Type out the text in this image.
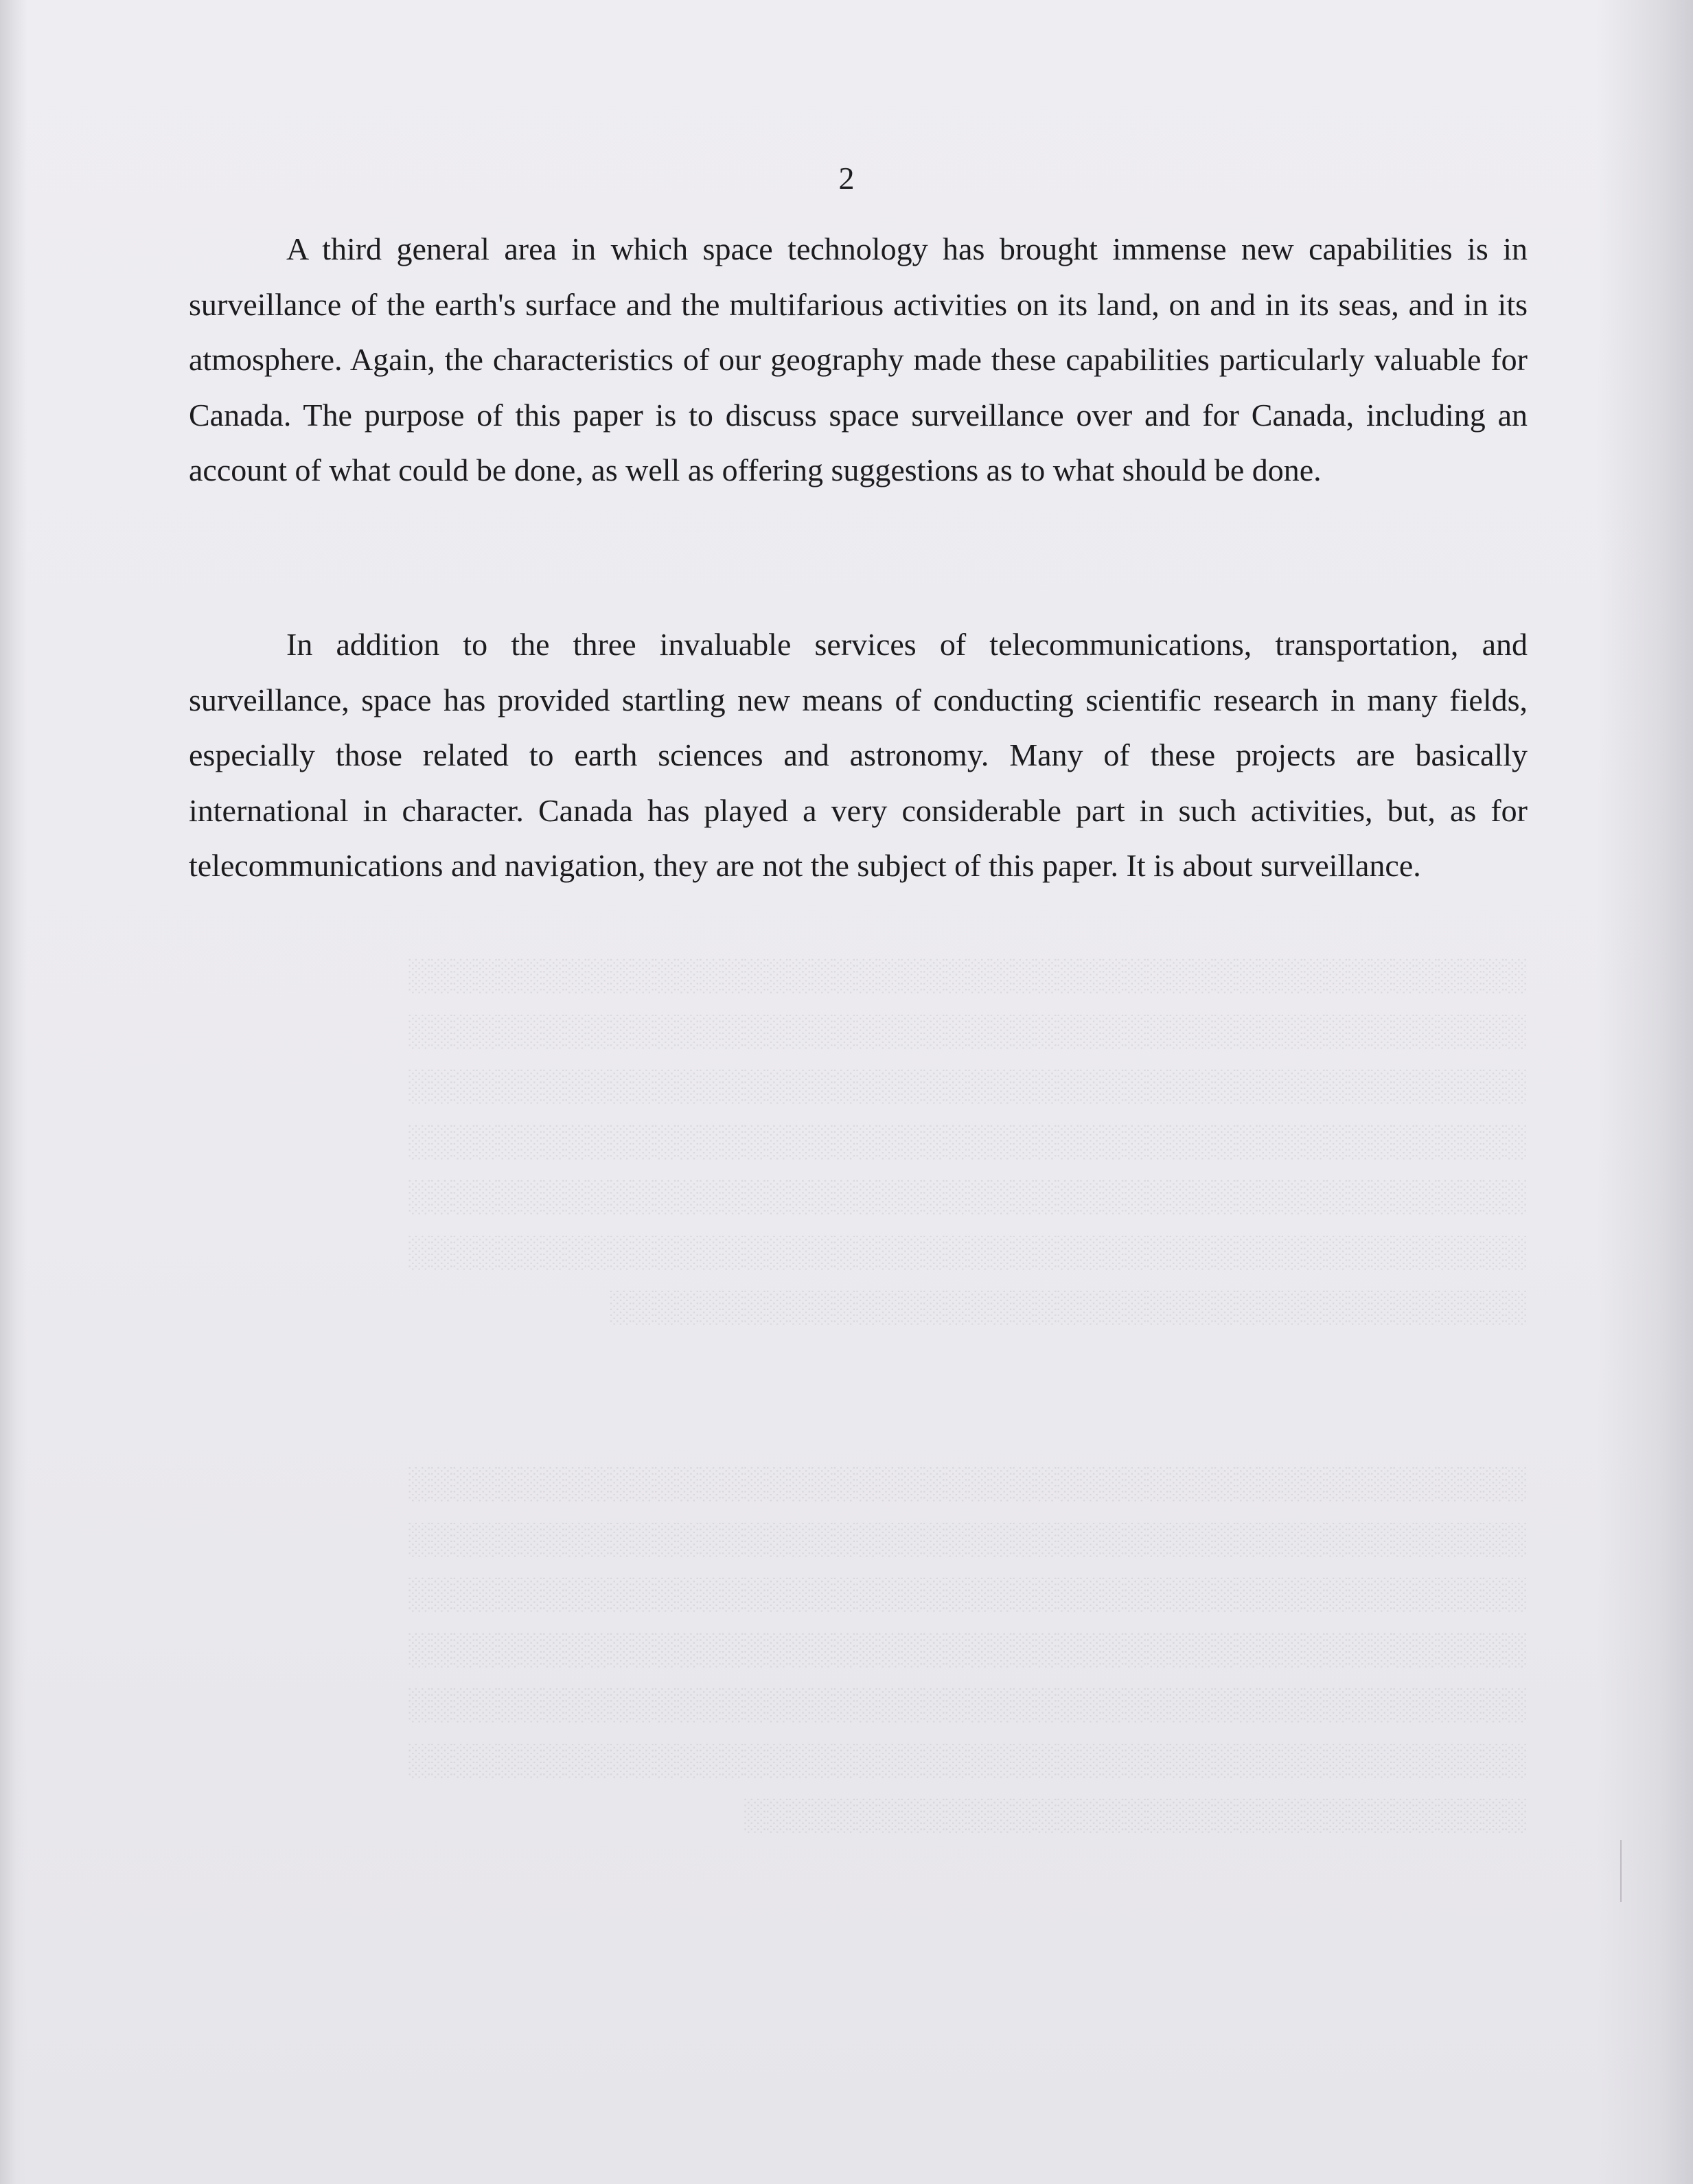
░░░░░░░░░░░░░░░░░░░░░░░░░░░░░░░░░░░░░░░░░░░░░░░░░░
░░░░░░░░░░░░░░░░░░░░░░░░░░░░░░░░░░░░░░░░░░░░░░░░░░
░░░░░░░░░░░░░░░░░░░░░░░░░░░░░░░░░░░░░░░░░░░░░░░░░░
░░░░░░░░░░░░░░░░░░░░░░░░░░░░░░░░░░░░░░░░░░░░░░░░░░
░░░░░░░░░░░░░░░░░░░░░░░░░░░░░░░░░░░░░░░░░░░░░░░░░░
░░░░░░░░░░░░░░░░░░░░░░░░░░░░░░░░░░░░░░░░░░░░░░░░░░
░░░░░░░░░░░░░░░░░░░░░░░░░░░░░░░░░░░░░░░░░
░░░░░░░░░░░░░░░░░░░░░░░░░░░░░░░░░░░░░░░░░░░░░░░░░░
░░░░░░░░░░░░░░░░░░░░░░░░░░░░░░░░░░░░░░░░░░░░░░░░░░
░░░░░░░░░░░░░░░░░░░░░░░░░░░░░░░░░░░░░░░░░░░░░░░░░░
░░░░░░░░░░░░░░░░░░░░░░░░░░░░░░░░░░░░░░░░░░░░░░░░░░
░░░░░░░░░░░░░░░░░░░░░░░░░░░░░░░░░░░░░░░░░░░░░░░░░░
░░░░░░░░░░░░░░░░░░░░░░░░░░░░░░░░░░░░░░░░░░░░░░░░░░
░░░░░░░░░░░░░░░░░░░░░░░░░░░░░░░░░░░
2

A third general area in which space technology has brought immense new capabilities is in surveillance of the earth's surface and the multifarious activities on its land, on and in its seas, and in its atmosphere. Again, the characteristics of our geography made these capabilities particularly valuable for Canada. The purpose of this paper is to discuss space surveillance over and for Canada, including an account of what could be done, as well as offering suggestions as to what should be done.

In addition to the three invaluable services of telecommunications, transportation, and surveillance, space has provided startling new means of conducting scientific research in many fields, especially those related to earth sciences and astronomy. Many of these projects are basically international in character. Canada has played a very considerable part in such activities, but, as for telecommunications and navigation, they are not the subject of this paper. It is about surveillance.
